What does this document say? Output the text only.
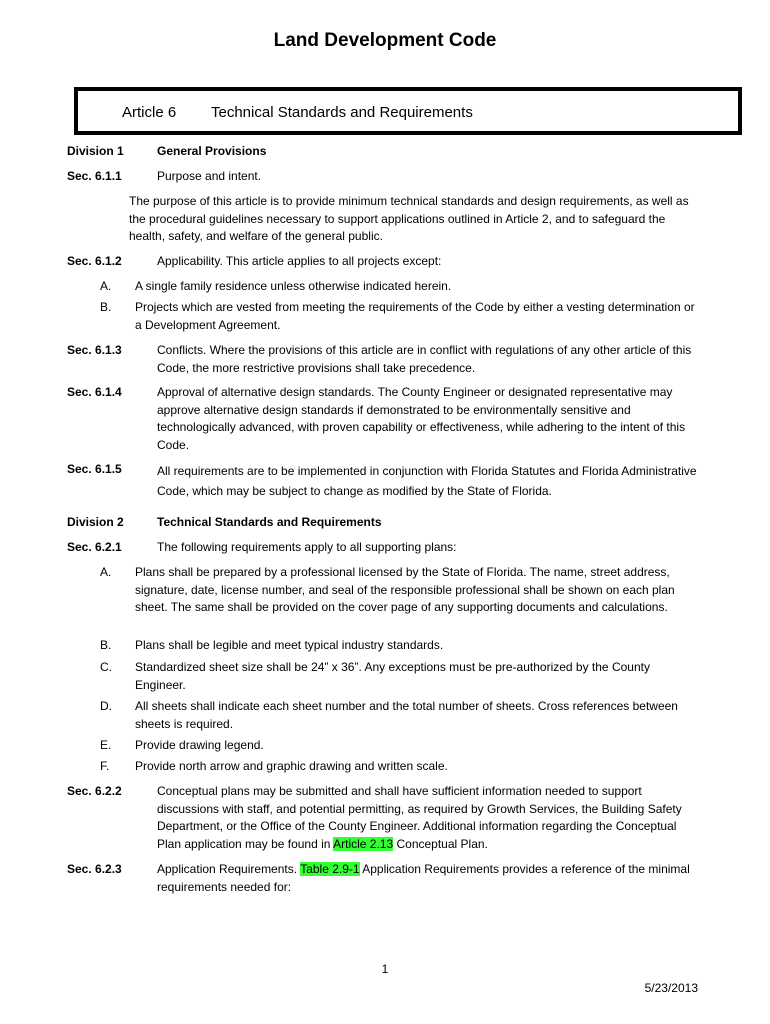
Land Development Code
Article 6 Technical Standards and Requirements
Division 1	General Provisions
Sec. 6.1.1	Purpose and intent.
The purpose of this article is to provide minimum technical standards and design requirements, as well as the procedural guidelines necessary to support applications outlined in Article 2, and to safeguard the health, safety, and welfare of the general public.
Sec. 6.1.2	Applicability. This article applies to all projects except:
A. A single family residence unless otherwise indicated herein.
B. Projects which are vested from meeting the requirements of the Code by either a vesting determination or a Development Agreement.
Sec. 6.1.3	Conflicts. Where the provisions of this article are in conflict with regulations of any other article of this Code, the more restrictive provisions shall take precedence.
Sec. 6.1.4	Approval of alternative design standards. The County Engineer or designated representative may approve alternative design standards if demonstrated to be environmentally sensitive and technologically advanced, with proven capability or effectiveness, while adhering to the intent of this Code.
Sec. 6.1.5	All requirements are to be implemented in conjunction with Florida Statutes and Florida Administrative Code, which may be subject to change as modified by the State of Florida.
Division 2	Technical Standards and Requirements
Sec. 6.2.1	The following requirements apply to all supporting plans:
A. Plans shall be prepared by a professional licensed by the State of Florida. The name, street address, signature, date, license number, and seal of the responsible professional shall be shown on each plan sheet. The same shall be provided on the cover page of any supporting documents and calculations.
B. Plans shall be legible and meet typical industry standards.
C. Standardized sheet size shall be 24” x 36”. Any exceptions must be pre-authorized by the County Engineer.
D. All sheets shall indicate each sheet number and the total number of sheets. Cross references between sheets is required.
E. Provide drawing legend.
F. Provide north arrow and graphic drawing and written scale.
Sec. 6.2.2	Conceptual plans may be submitted and shall have sufficient information needed to support discussions with staff, and potential permitting, as required by Growth Services, the Building Safety Department, or the Office of the County Engineer. Additional information regarding the Conceptual Plan application may be found in Article 2.13 Conceptual Plan.
Sec. 6.2.3	Application Requirements. Table 2.9-1 Application Requirements provides a reference of the minimal requirements needed for:
1
5/23/2013
